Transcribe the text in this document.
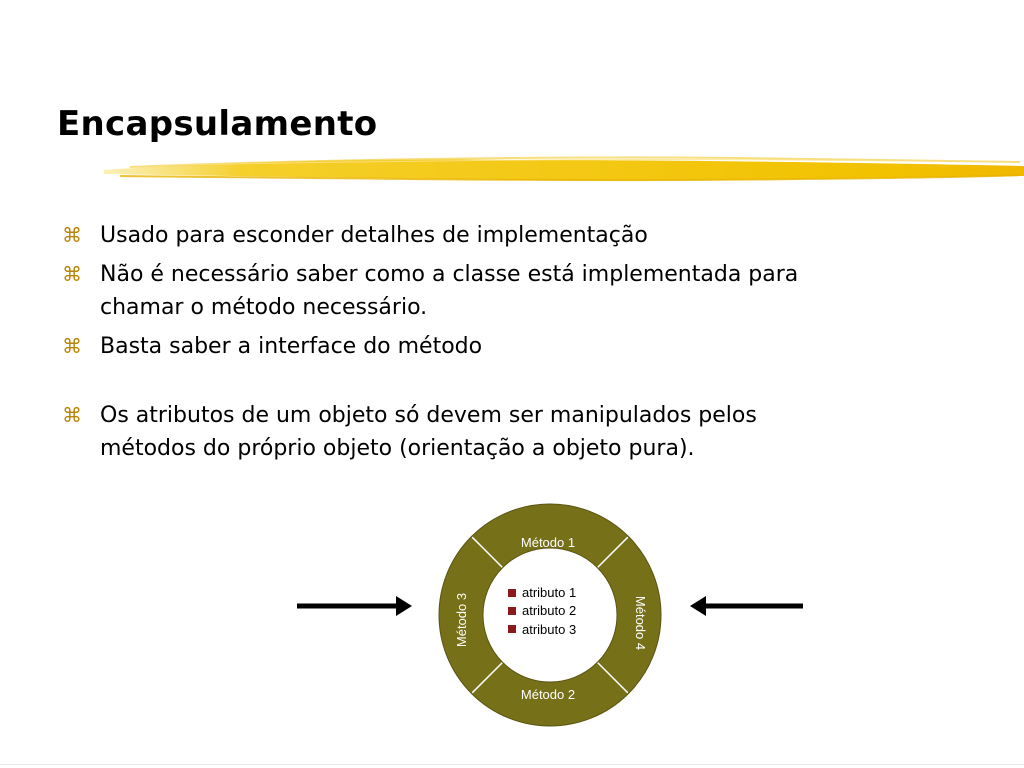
Encapsulamento
⌘ Usado para esconder detalhes de implementação
⌘ Não é necessário saber como a classe está implementada para
chamar o método necessário.
⌘ Basta saber a interface do método
⌘ Os atributos de um objeto só devem ser manipulados pelos
métodos do próprio objeto (orientação a objeto pura).
Método 1
Método 2
Método 3	Método 4
atributo 1
atributo 2
atributo 3
